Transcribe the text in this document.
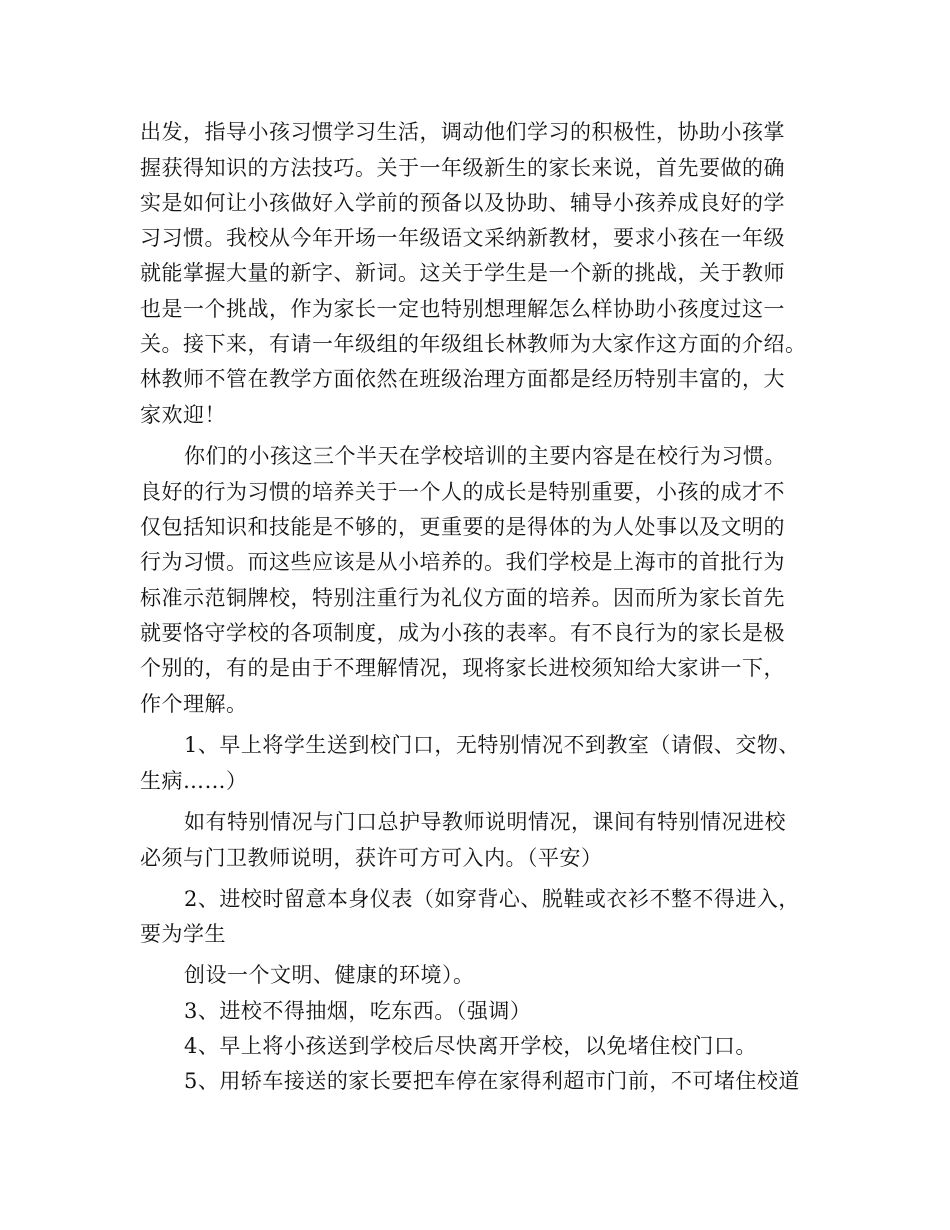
出发，指导小孩习惯学习生活，调动他们学习的积极性，协助小孩掌
握获得知识的方法技巧。关于一年级新生的家长来说，首先要做的确
实是如何让小孩做好入学前的预备以及协助、辅导小孩养成良好的学
习习惯。我校从今年开场一年级语文采纳新教材，要求小孩在一年级
就能掌握大量的新字、新词。这关于学生是一个新的挑战，关于教师
也是一个挑战，作为家长一定也特别想理解怎么样协助小孩度过这一
关。接下来，有请一年级组的年级组长林教师为大家作这方面的介绍。
林教师不管在教学方面依然在班级治理方面都是经历特别丰富的，大
家欢迎！
你们的小孩这三个半天在学校培训的主要内容是在校行为习惯。
良好的行为习惯的培养关于一个人的成长是特别重要，小孩的成才不
仅包括知识和技能是不够的，更重要的是得体的为人处事以及文明的
行为习惯。而这些应该是从小培养的。我们学校是上海市的首批行为
标准示范铜牌校，特别注重行为礼仪方面的培养。因而所为家长首先
就要恪守学校的各项制度，成为小孩的表率。有不良行为的家长是极
个别的，有的是由于不理解情况，现将家长进校须知给大家讲一下，
作个理解。
1、早上将学生送到校门口，无特别情况不到教室（请假、交物、
生病……）
如有特别情况与门口总护导教师说明情况，课间有特别情况进校
必须与门卫教师说明，获许可方可入内。（平安）
2、进校时留意本身仪表（如穿背心、脱鞋或衣衫不整不得进入，
要为学生
创设一个文明、健康的环境）。
3、进校不得抽烟，吃东西。（强调）
4、早上将小孩送到学校后尽快离开学校，以免堵住校门口。
5、用轿车接送的家长要把车停在家得利超市门前，不可堵住校道
